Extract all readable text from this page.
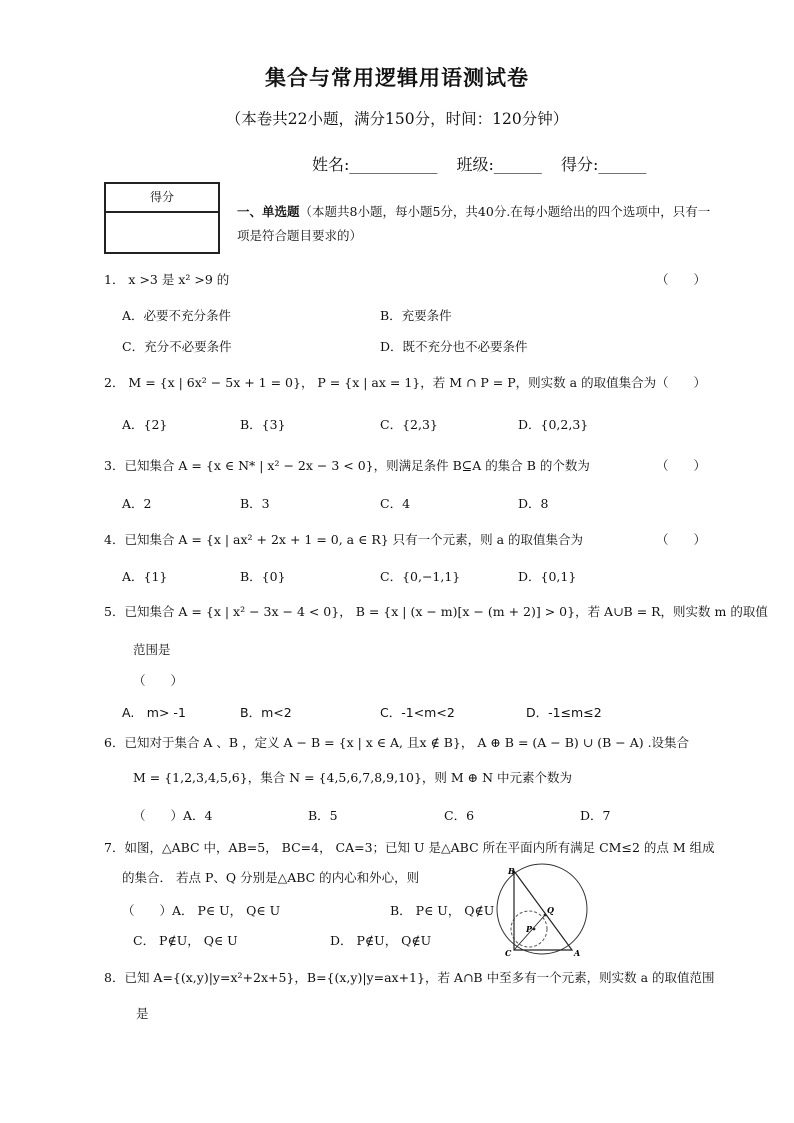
集合与常用逻辑用语测试卷
（本卷共22小题，满分150分，时间：120分钟）
姓名:___________ 班级:______ 得分:______
得分
一、单选题（本题共8小题，每小题5分，共40分.在每小题给出的四个选项中，只有一项是符合题目要求的）
1． x >3 是 x² >9 的	（　　）
A．必要不充分条件	B．充要条件
C．充分不必要条件	D．既不充分也不必要条件
2． M = {x | 6x² − 5x + 1 = 0}， P = {x | ax = 1}，若 M ∩ P = P，则实数 a 的取值集合为 （　　）
A．{2}	B．{3}	C．{2,3}	D．{0,2,3}
3．已知集合 A = {x ∈ N* | x² − 2x − 3 < 0}，则满足条件 B⊆A 的集合 B 的个数为	（　　）
A．2	B．3	C．4	D．8
4．已知集合 A = {x | ax² + 2x + 1 = 0, a ∈ R} 只有一个元素，则 a 的取值集合为	（　　）
A．{1}	B．{0}	C．{0,−1,1}	D．{0,1}
5．已知集合 A = {x | x² − 3x − 4 < 0}， B = {x | (x − m)[x − (m + 2)] > 0}，若 A∪B = R，则实数 m 的取值
范围是
（　　）
A.　m> -1	B．m<2	C．-1<m<2	D．-1≤m≤2
6．已知对于集合 A 、B ，定义 A − B = {x | x ∈ A, 且x ∉ B}， A ⊕ B = (A − B) ∪ (B − A) .设集合
M = {1,2,3,4,5,6}，集合 N = {4,5,6,7,8,9,10}，则 M ⊕ N 中元素个数为
（　　）A．4	B．5	C．6	D．7
7．如图，△ABC 中，AB=5， BC=4， CA=3；已知 U 是△ABC 所在平面内所有满足 CM≤2 的点 M 组成
的集合． 若点 P、Q 分别是△ABC 的内心和外心，则
（　　）A． P∈ U， Q∈ U	B． P∈ U， Q∉U
C． P∉U， Q∈ U	D． P∉U， Q∉U
B
C	A
P
Q
8．已知 A={(x,y)|y=x²+2x+5}，B={(x,y)|y=ax+1}，若 A∩B 中至多有一个元素，则实数 a 的取值范围
是
